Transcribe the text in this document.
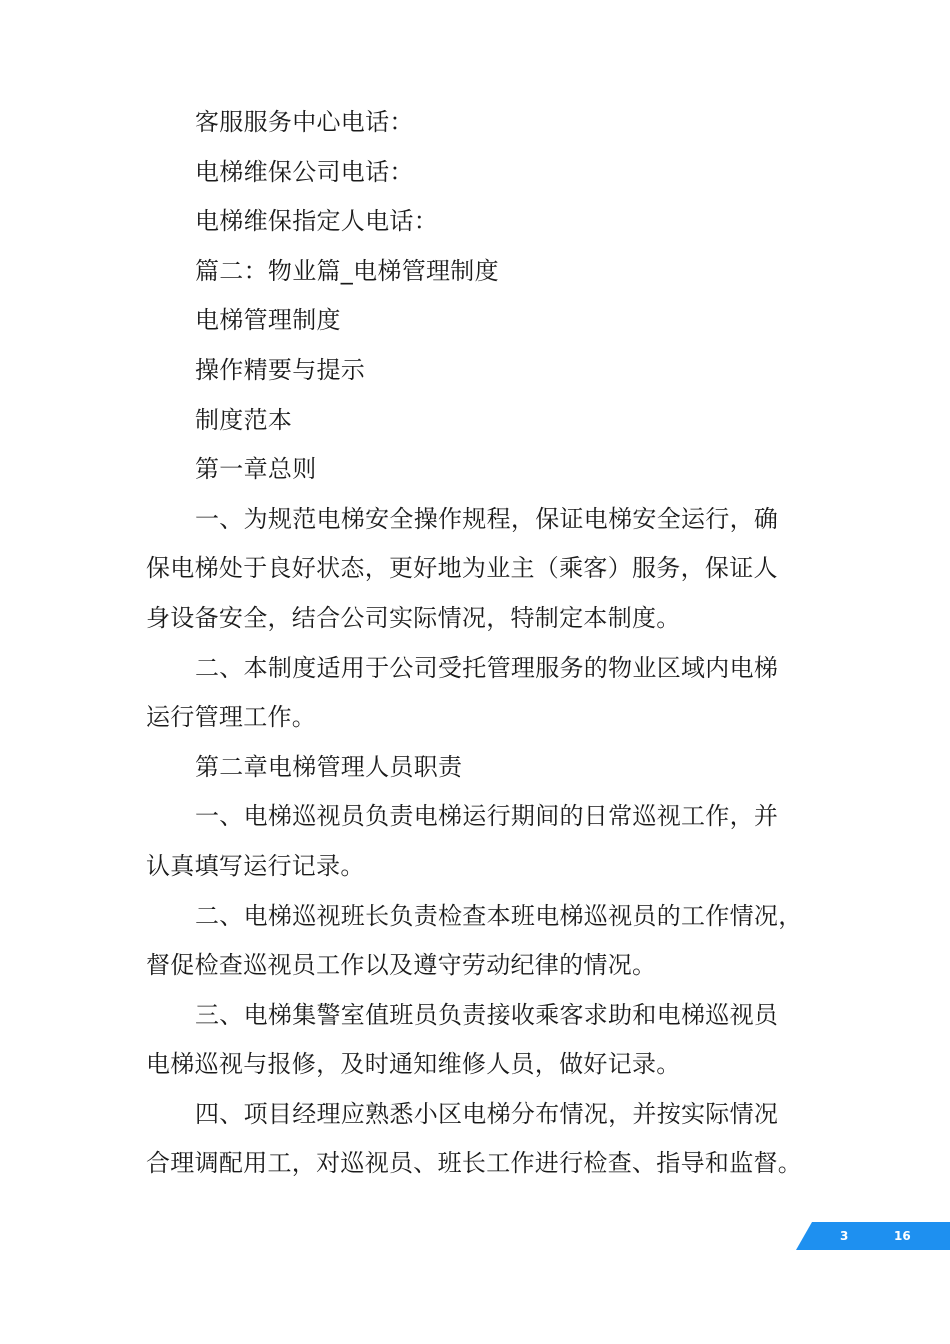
客服服务中心电话：
电梯维保公司电话：
电梯维保指定人电话：
篇二：物业篇_电梯管理制度
电梯管理制度
操作精要与提示
制度范本
第一章总则
一、为规范电梯安全操作规程，保证电梯安全运行，确
保电梯处于良好状态，更好地为业主（乘客）服务，保证人
身设备安全，结合公司实际情况，特制定本制度。
二、本制度适用于公司受托管理服务的物业区域内电梯
运行管理工作。
第二章电梯管理人员职责
一、电梯巡视员负责电梯运行期间的日常巡视工作，并
认真填写运行记录。
二、电梯巡视班长负责检查本班电梯巡视员的工作情况，
督促检查巡视员工作以及遵守劳动纪律的情况。
三、电梯集警室值班员负责接收乘客求助和电梯巡视员
电梯巡视与报修，及时通知维修人员，做好记录。
四、项目经理应熟悉小区电梯分布情况，并按实际情况
合理调配用工，对巡视员、班长工作进行检查、指导和监督。
3	16
